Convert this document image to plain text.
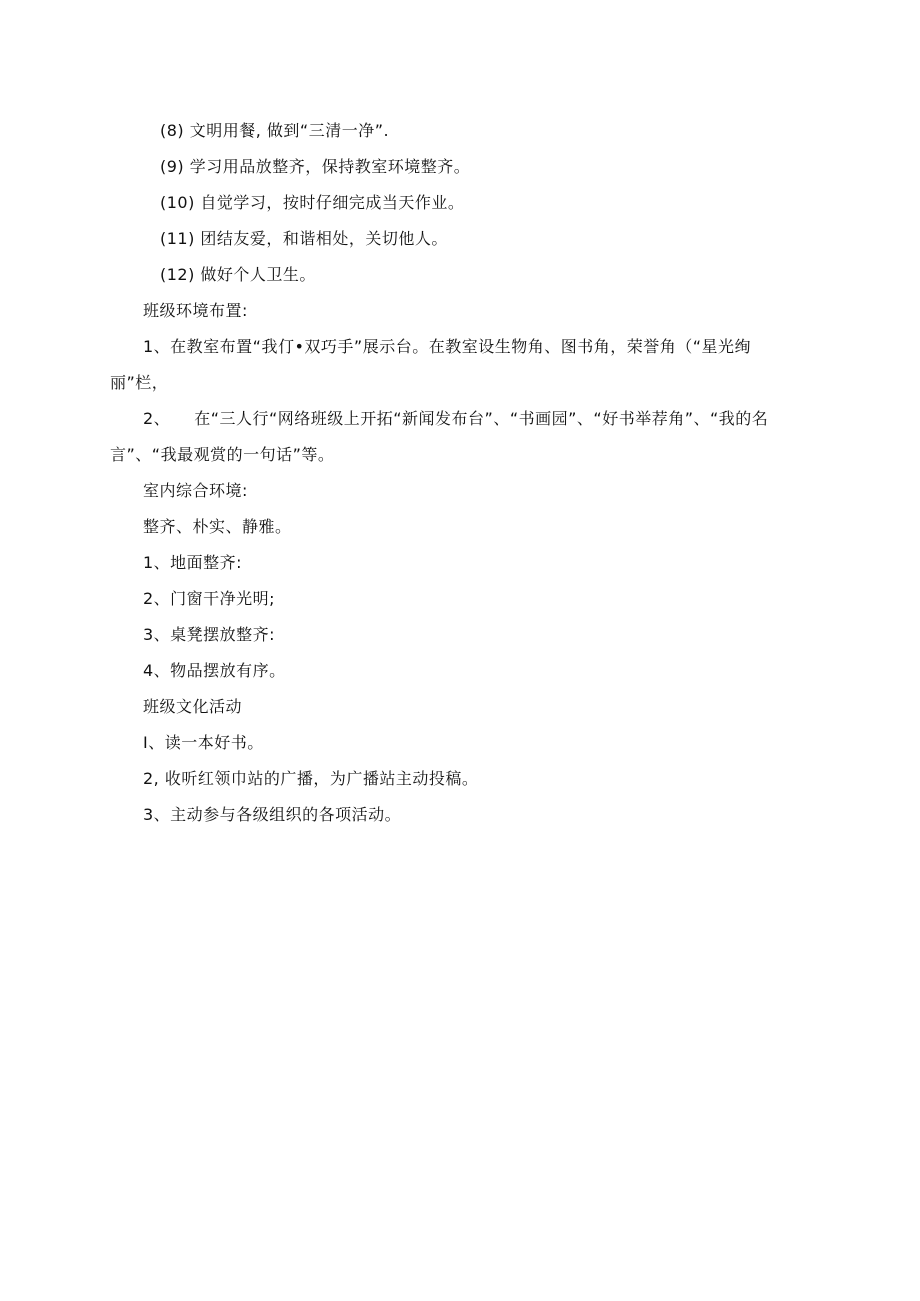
(8) 文明用餐, 做到“三清一净”.
(9) 学习用品放整齐，保持教室环境整齐。
(10) 自觉学习，按时仔细完成当天作业。
(11) 团结友爱，和谐相处，关切他人。
(12) 做好个人卫生。
班级环境布置:
1、在教室布置“我仃•双巧手”展示台。在教室设生物角、图书角，荣誉角（“星光绚丽”栏，
2、 在“三人行“网络班级上开拓“新闻发布台”、“书画园”、“好书举荐角”、“我的名言”、“我最观赏的一句话”等。
室内综合环境:
整齐、朴实、静雅。
1、地面整齐:
2、门窗干净光明;
3、桌凳摆放整齐:
4、物品摆放有序。
班级文化活动
I、读一本好书。
2, 收听红领巾站的广播，为广播站主动投稿。
3、主动参与各级组织的各项活动。
